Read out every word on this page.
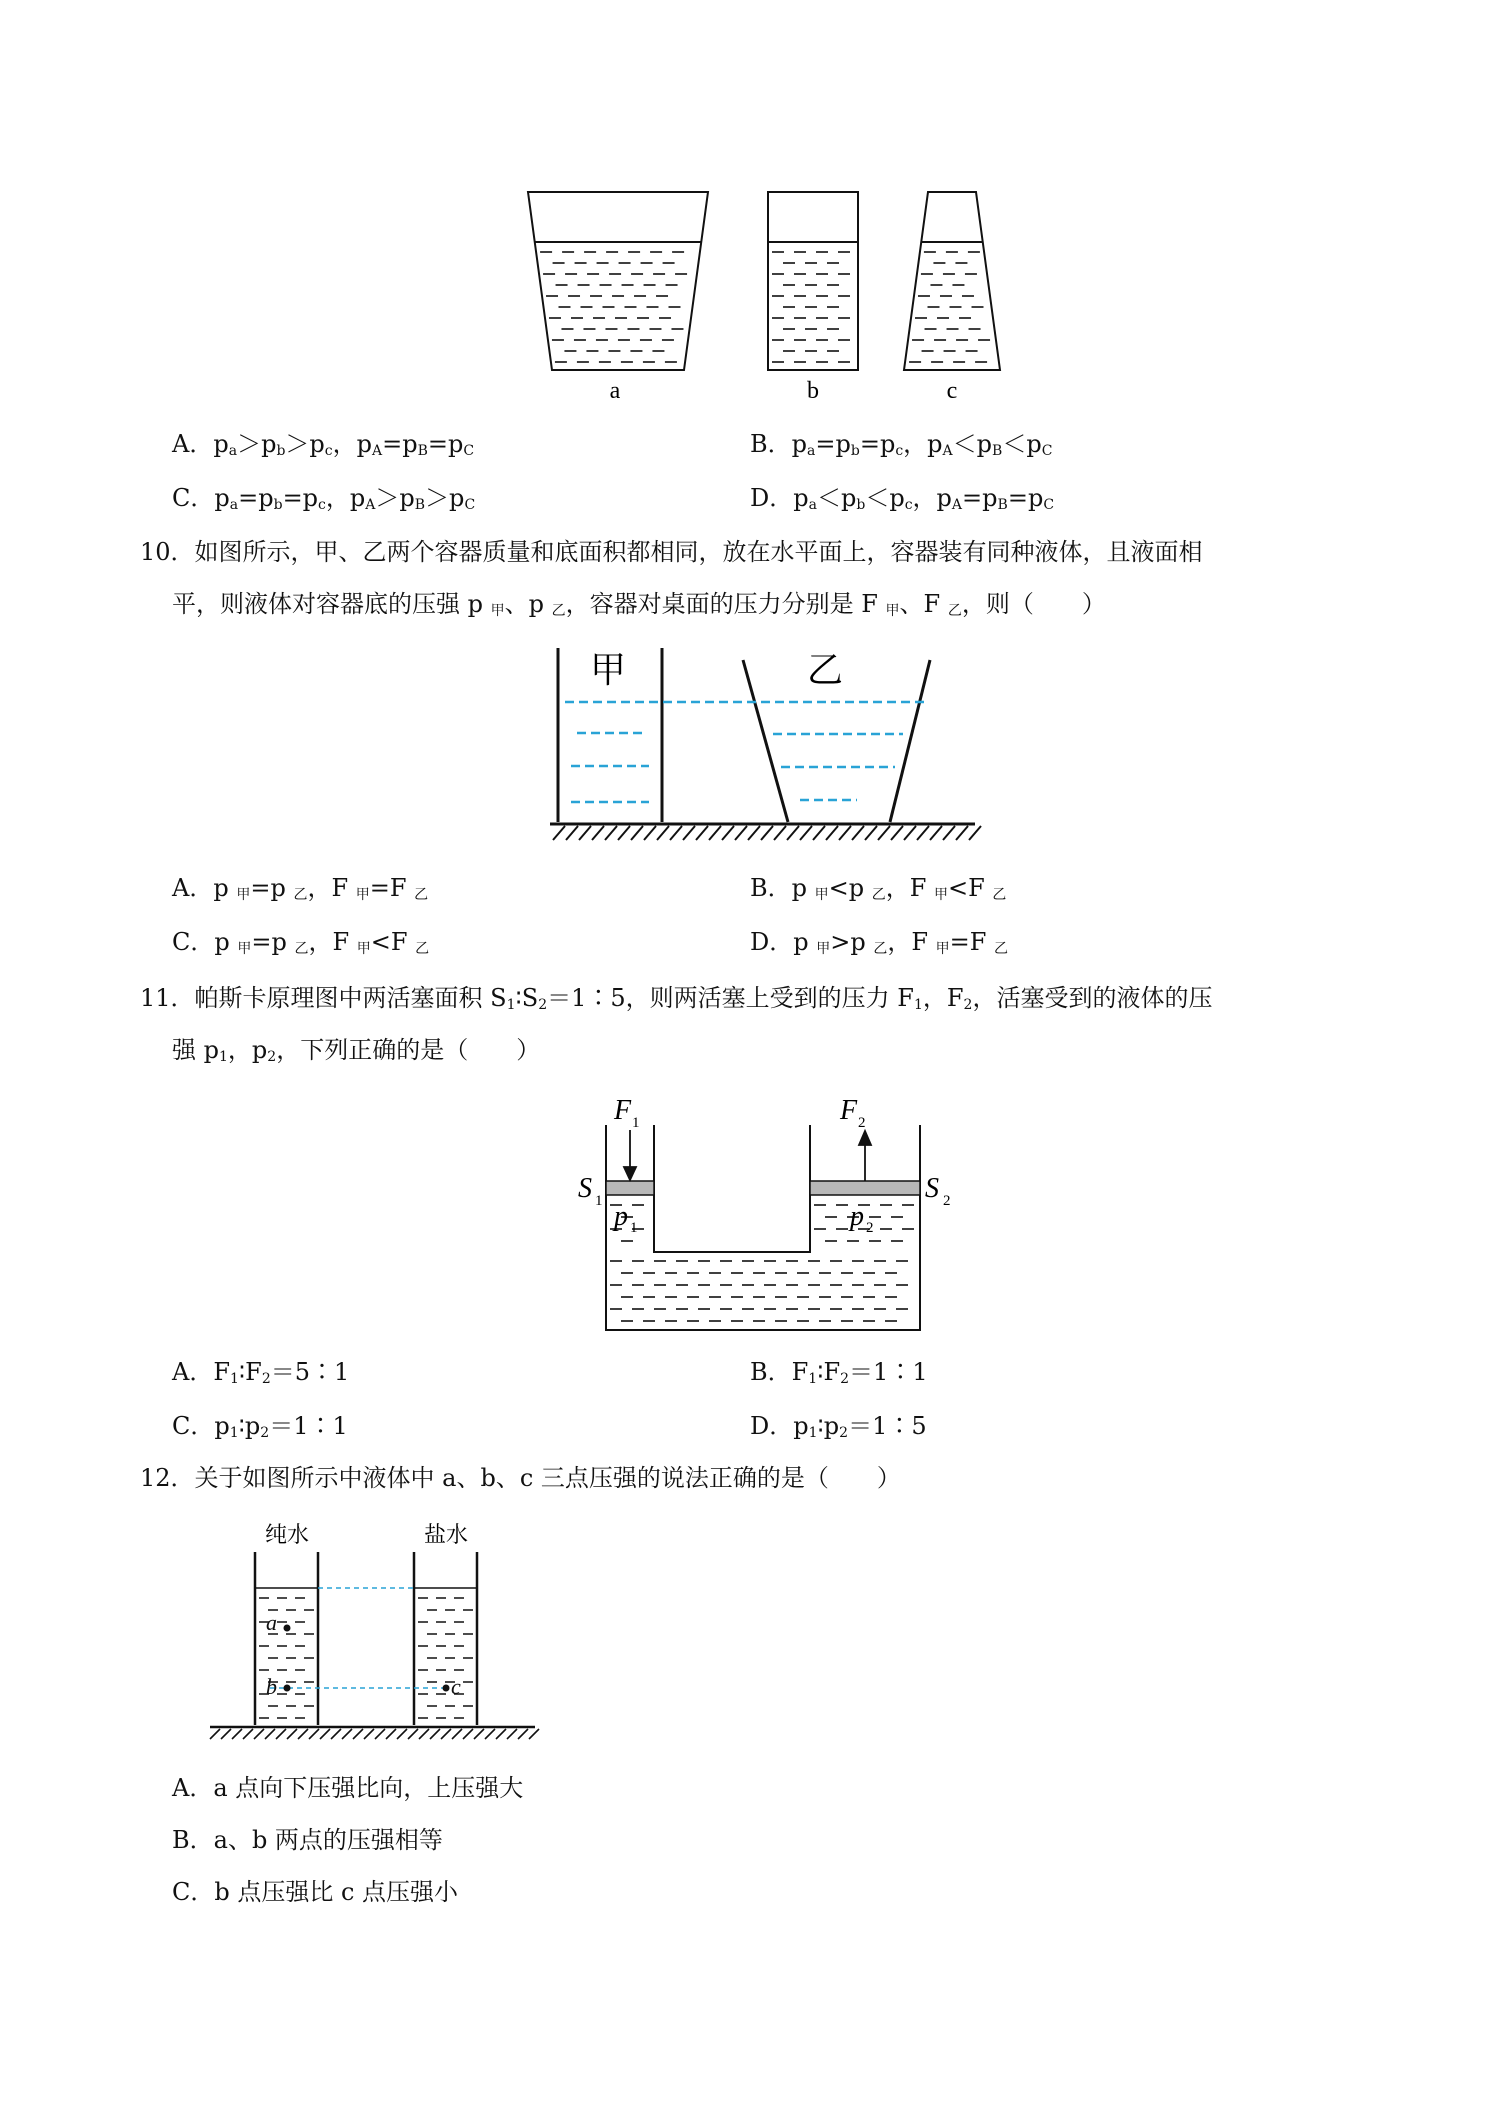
a	b	c
A．$p_a>p_b>p_c$，$p_A=p_B=p_C$	B．$p_a=p_b=p_c$，$p_A<p_B<p_C$
C．$p_a=p_b=p_c$，$p_A>p_B>p_C$	D．$p_a<p_b<p_c$，$p_A=p_B=p_C$
10．如图所示，甲、乙两个容器质量和底面积都相同，放在水平面上，容器装有同种液体，且液面相
平，则液体对容器底的压强 p $_甲$、p $_乙$，容器对桌面的压力分别是 F $_甲$、F $_乙$，则（　　）
甲	乙
A．p $_甲$=p $_乙$，F $_甲$=F $_乙$	B．p $_甲$<p $_乙$，F $_甲$<F $_乙$
C．p $_甲$=p $_乙$，F $_甲$<F $_乙$	D．p $_甲$>p $_乙$，F $_甲$=F $_乙$
11．帕斯卡原理图中两活塞面积 $S_1∶S_2=1∶5$，则两活塞上受到的压力 $F_1$，$F_2$，活塞受到的液体的压
强 $p_1$，$p_2$，下列正确的是（　　）
F	F
S	S
p	p
1	2
1	2
1	2
A．$F_1∶F_2=5∶1$	B．$F_1∶F_2=1∶1$
C．$p_1∶p_2=1∶1$	D．$p_1∶p_2=1∶5$
12．关于如图所示中液体中 a、b、c 三点压强的说法正确的是（　　）
纯水	盐水
a
b	c
A．a 点向下压强比向，上压强大
B．a、b 两点的压强相等
C．b 点压强比 c 点压强小
